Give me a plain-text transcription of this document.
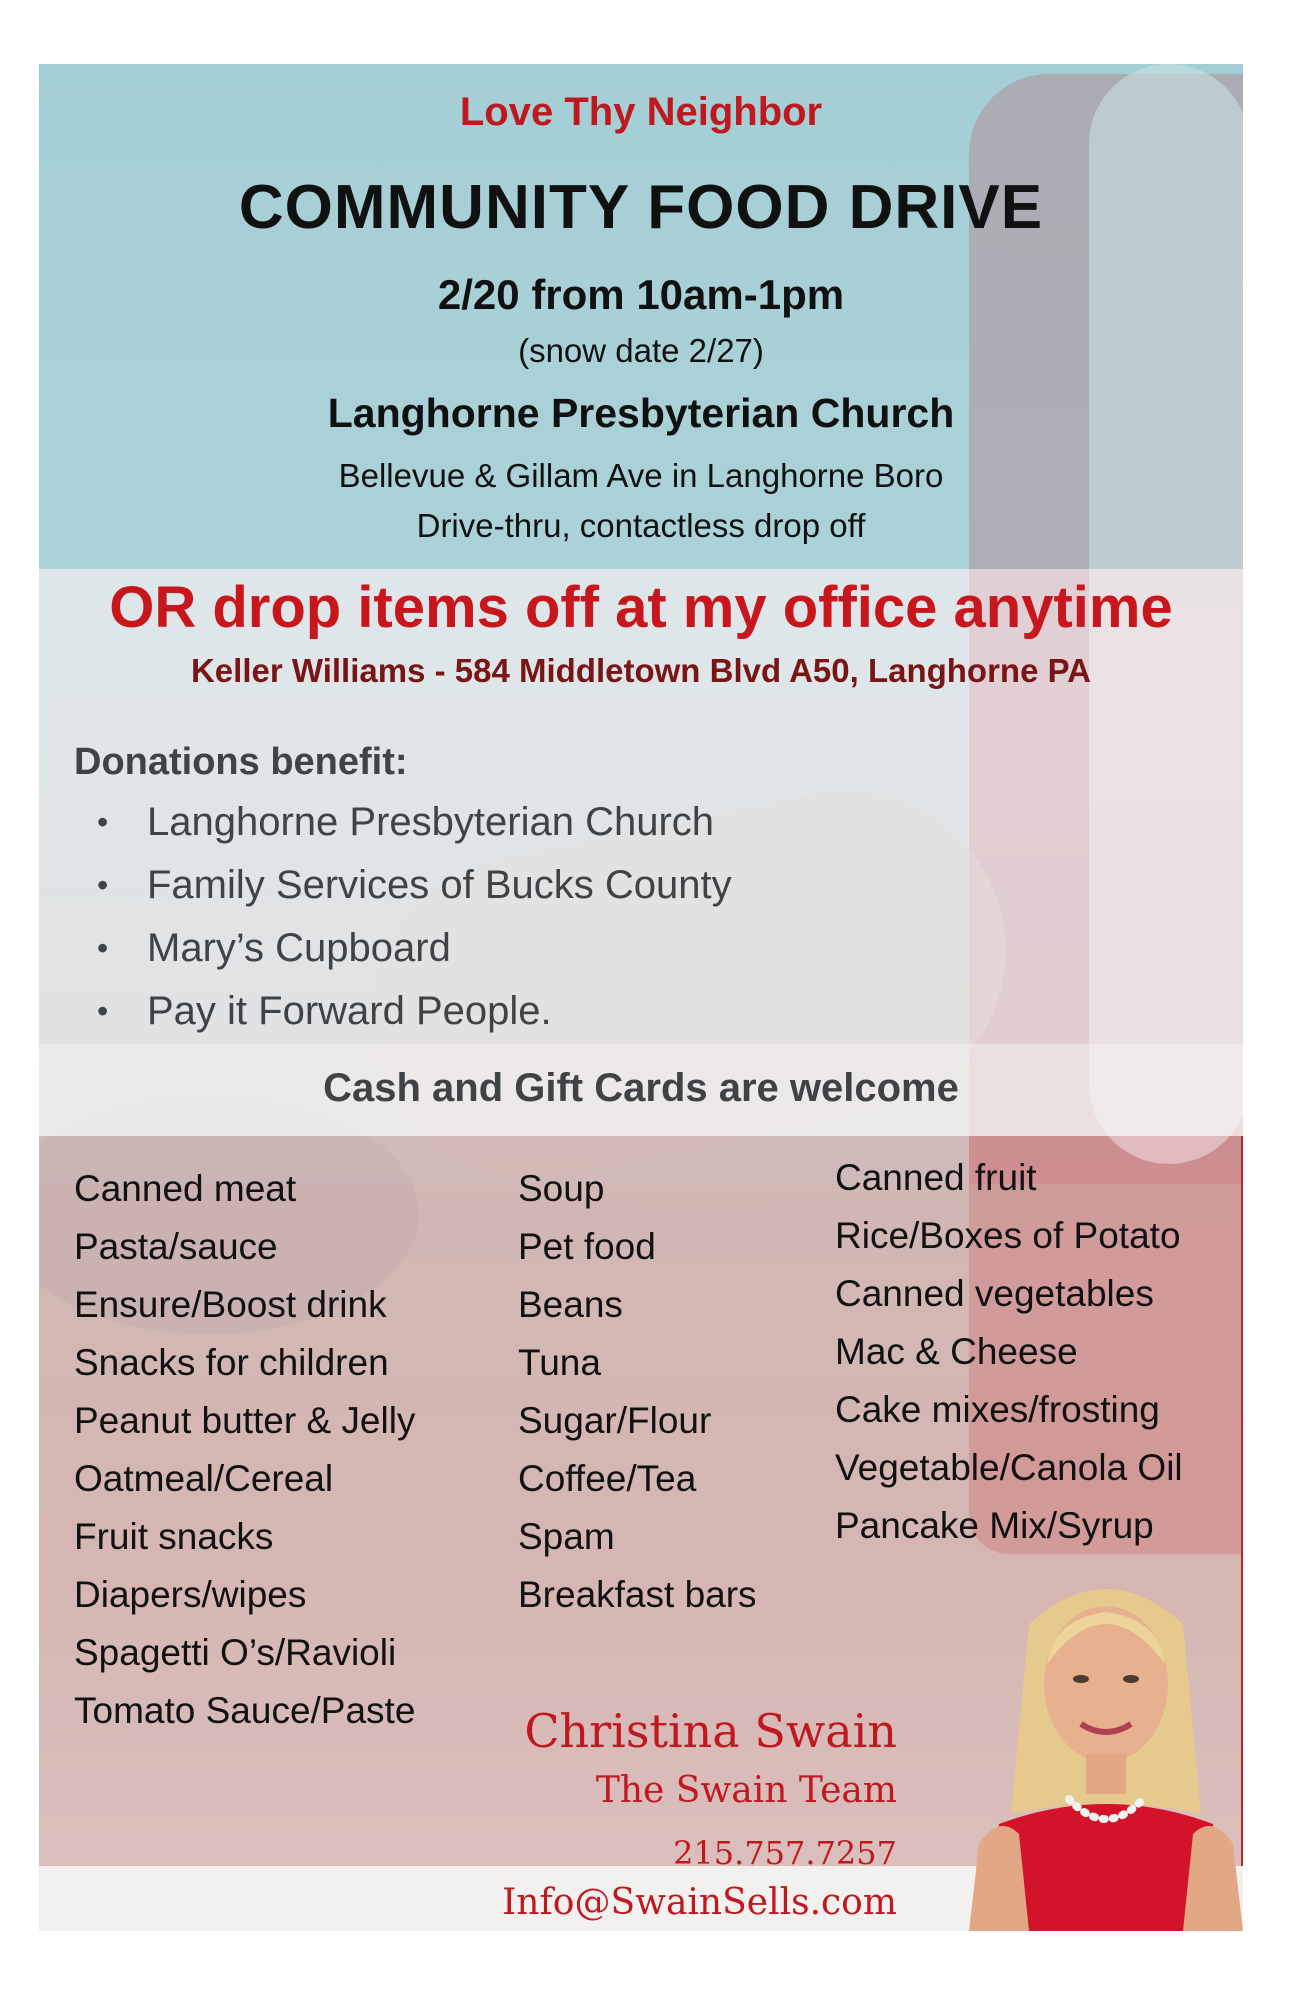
Love Thy Neighbor

COMMUNITY FOOD DRIVE

2/20 from 10am-1pm

(snow date 2/27)

Langhorne Presbyterian Church

Bellevue & Gillam Ave in Langhorne Boro

Drive-thru, contactless drop off

OR drop items off at my office anytime

Keller Williams - 584 Middletown Blvd A50, Langhorne PA

Donations benefit:

• Langhorne Presbyterian Church
• Family Services of Bucks County
• Mary’s Cupboard
• Pay it Forward People.

Cash and Gift Cards are welcome

Canned meat
Pasta/sauce
Ensure/Boost drink
Snacks for children
Peanut butter & Jelly
Oatmeal/Cereal
Fruit snacks
Diapers/wipes
Spagetti O’s/Ravioli
Tomato Sauce/Paste
Soup
Pet food
Beans
Tuna
Sugar/Flour
Coffee/Tea
Spam
Breakfast bars
Canned fruit
Rice/Boxes of Potato
Canned vegetables
Mac & Cheese
Cake mixes/frosting
Vegetable/Canola Oil
Pancake Mix/Syrup

Christina Swain

The Swain Team

215.757.7257

Info@SwainSells.com
